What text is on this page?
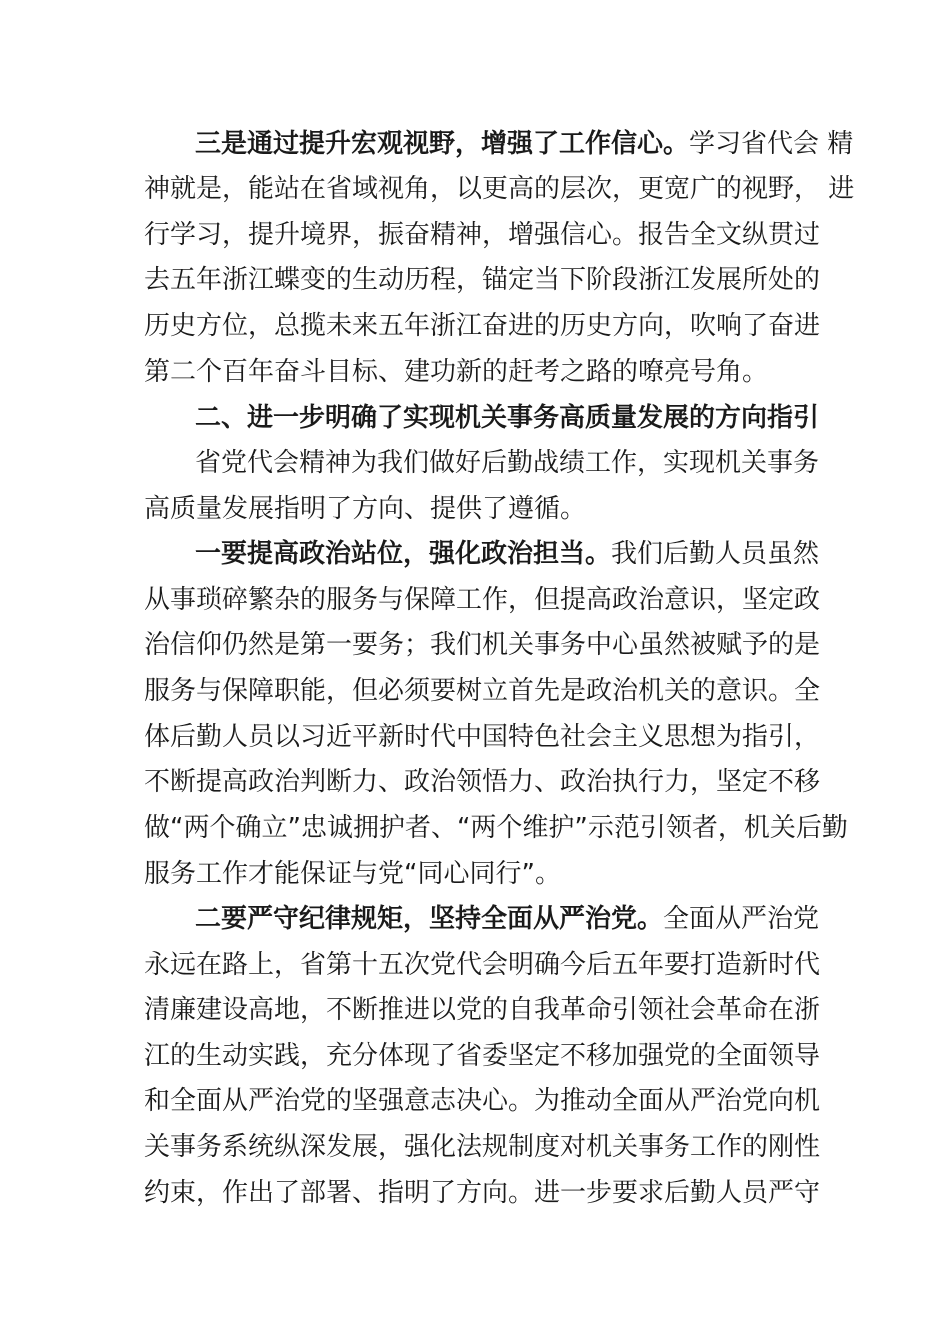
三是通过提升宏观视野，增强了工作信心。学习省代会 精
神就是，能站在省域视角，以更高的层次，更宽广的视野， 进
行学习，提升境界，振奋精神，增强信心。报告全文纵贯过
去五年浙江蝶变的生动历程，锚定当下阶段浙江发展所处的
历史方位，总揽未来五年浙江奋进的历史方向，吹响了奋进
第二个百年奋斗目标、建功新的赶考之路的嘹亮号角。
二、进一步明确了实现机关事务高质量发展的方向指引
省党代会精神为我们做好后勤战绩工作，实现机关事务
高质量发展指明了方向、提供了遵循。
一要提高政治站位，强化政治担当。我们后勤人员虽然
从事琐碎繁杂的服务与保障工作，但提高政治意识，坚定政
治信仰仍然是第一要务；我们机关事务中心虽然被赋予的是
服务与保障职能，但必须要树立首先是政治机关的意识。全
体后勤人员以习近平新时代中国特色社会主义思想为指引，
不断提高政治判断力、政治领悟力、政治执行力，坚定不移
做“两个确立”忠诚拥护者、“两个维护”示范引领者，机关后勤
服务工作才能保证与党“同心同行”。
二要严守纪律规矩，坚持全面从严治党。全面从严治党
永远在路上，省第十五次党代会明确今后五年要打造新时代
清廉建设高地，不断推进以党的自我革命引领社会革命在浙
江的生动实践，充分体现了省委坚定不移加强党的全面领导
和全面从严治党的坚强意志决心。为推动全面从严治党向机
关事务系统纵深发展，强化法规制度对机关事务工作的刚性
约束，作出了部署、指明了方向。进一步要求后勤人员严守
